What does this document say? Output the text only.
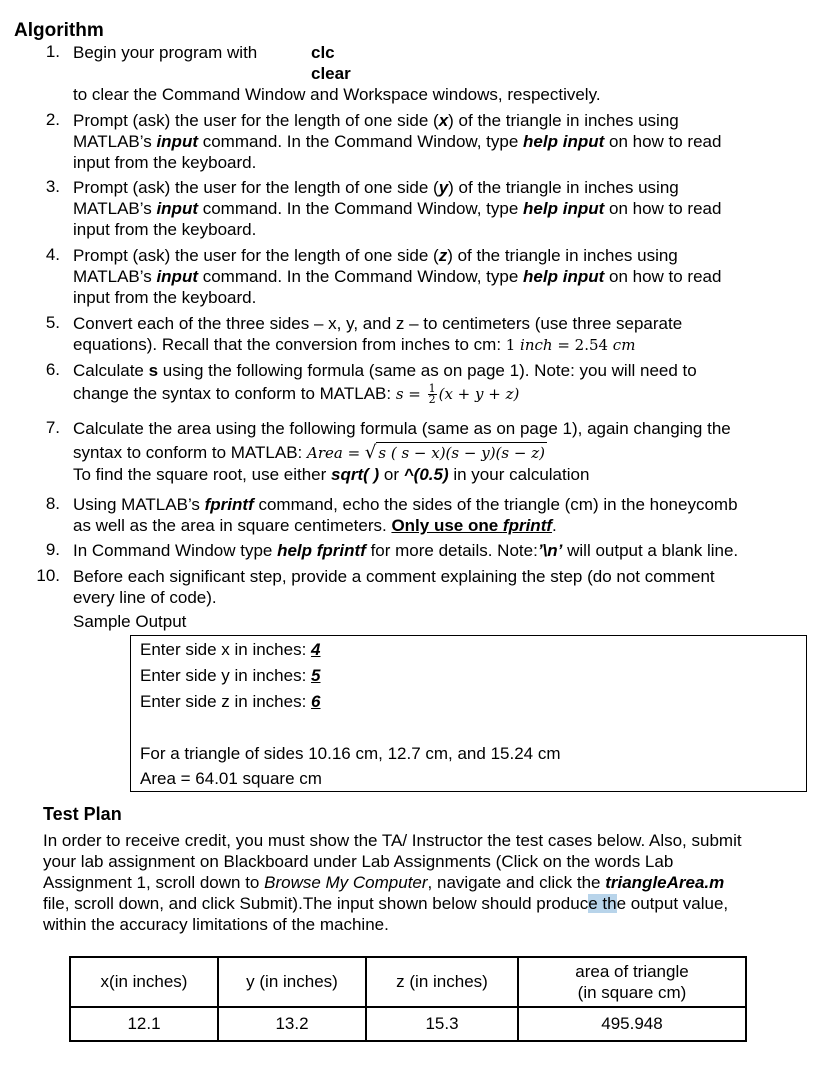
Algorithm
1. Begin your program with	clc
clear
to clear the Command Window and Workspace windows, respectively.
2. Prompt (ask) the user for the length of one side (x) of the triangle in inches using
MATLAB’s input command. In the Command Window, type help input on how to read
input from the keyboard.
3. Prompt (ask) the user for the length of one side (y) of the triangle in inches using
MATLAB’s input command. In the Command Window, type help input on how to read
input from the keyboard.
4. Prompt (ask) the user for the length of one side (z) of the triangle in inches using
MATLAB’s input command. In the Command Window, type help input on how to read
input from the keyboard.
5. Convert each of the three sides – x, y, and z – to centimeters (use three separate
equations). Recall that the conversion from inches to cm: 1 inch = 2.54 cm
6. Calculate s using the following formula (same as on page 1). Note: you will need to
change the syntax to conform to MATLAB: $s = \frac{1}{2} (x + y + z)$
7. Calculate the area using the following formula (same as on page 1), again changing the
syntax to conform to MATLAB: Area = √ s ( s − x)(s − y)(s − z)
To find the square root, use either sqrt( ) or ^(0.5) in your calculation
8. Using MATLAB’s fprintf command, echo the sides of the triangle (cm) in the honeycomb
as well as the area in square centimeters. Only use one fprintf.
9. In Command Window type help fprintf for more details. Note:’\n’ will output a blank line.
10. Before each significant step, provide a comment explaining the step (do not comment
every line of code).
Sample Output
Enter side x in inches: 4
Enter side y in inches: 5
Enter side z in inches: 6
For a triangle of sides 10.16 cm, 12.7 cm, and 15.24 cm
Area = 64.01 square cm
Test Plan
In order to receive credit, you must show the TA/ Instructor the test cases below. Also, submit
your lab assignment on Blackboard under Lab Assignments (Click on the words Lab
Assignment 1, scroll down to Browse My Computer, navigate and click the triangleArea.m
file, scroll down, and click Submit).The input shown below should produce the output value,
within the accuracy limitations of the machine.
x(in inches)	y (in inches)	z (in inches)	area of triangle
(in square cm)

12.1	13.2	15.3	495.948
